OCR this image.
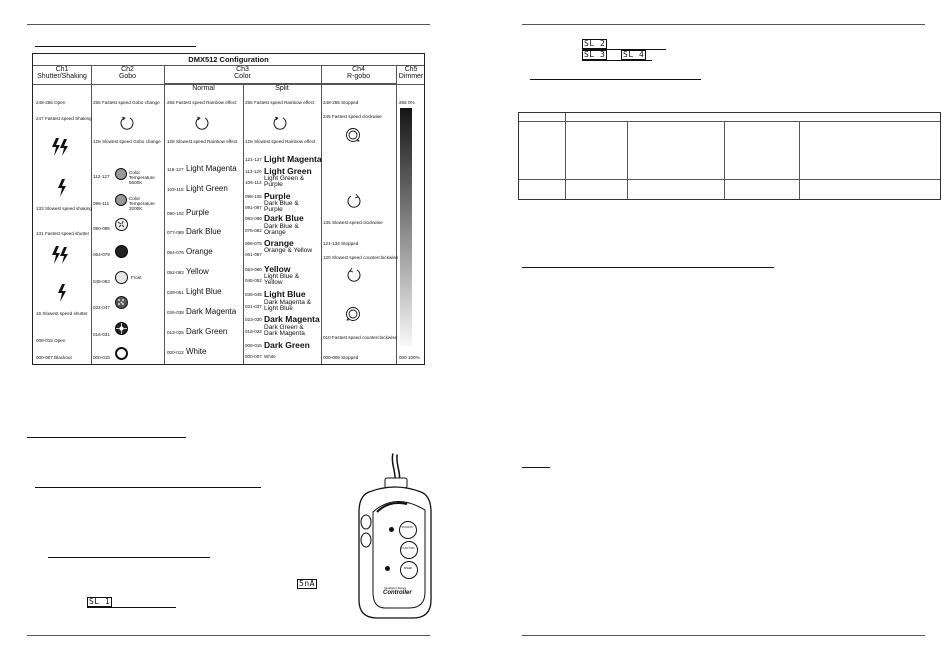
DMX512 Configuration
Ch1
Shutter/Shaking
Ch2
Gobo
Ch3
Color
Ch4
R-gobo
Ch5
Dimmer
Normal	Split
248-255 Open
247 Fastest speed Shaking
133 Slowest speed shaking
131 Fastest speed shutter
16 Slowest speed shutter
008-015 Open
000-007 Blackout
255 Fastest speed Gobo change
128 Slowest speed Gobo change
112-127
Color Temperature 5600K
096-111
Color Temperature 3200K
080-095
064-079
048-063
Frost
032-047
016-031
000-015
255 Fastest speed Rainbow effect
128 Slowest speed Rainbow effect
116-127 Light Magenta
103-115 Light Green
090-102 Purple
077-089 Dark Blue
064-076 Orange
052-063 Yellow
039-051 Light Blue
026-038 Dark Magenta
013-025 Dark Green
000-012 White
255 Fastest speed Rainbow effect
128 Slowest speed Rainbow effect
121-127 Light Magenta
113-120 Light Green
106-112
Light Green & Purple
098-105 Purple
091-097
Dark Blue & Purple
083-090 Dark Blue
076-082
Dark Blue & Orange
068-075 Orange
061-067
Orange & Yellow
053-060 Yellow
046-052
Light Blue & Yellow
038-045 Light Blue
031-037
Dark Magenta & Light Blue
023-030 Dark Magenta
016-022
Dark Green & Dark Magenta
008-015 Dark Green
000-007 White
248-255 Stopped
245 Fastest speed clockwise
135 Slowest speed clockwise
121-134 Stopped
120 Slowest speed counterclockwise
010 Fastest speed counterclockwise
000-009 Stopped
255 0%
000 100%
5nA
SL 1
STAND BY
FUNCTION
SPEED
Intelligent Series
Controller
SL 2
SL 3 SL 4
